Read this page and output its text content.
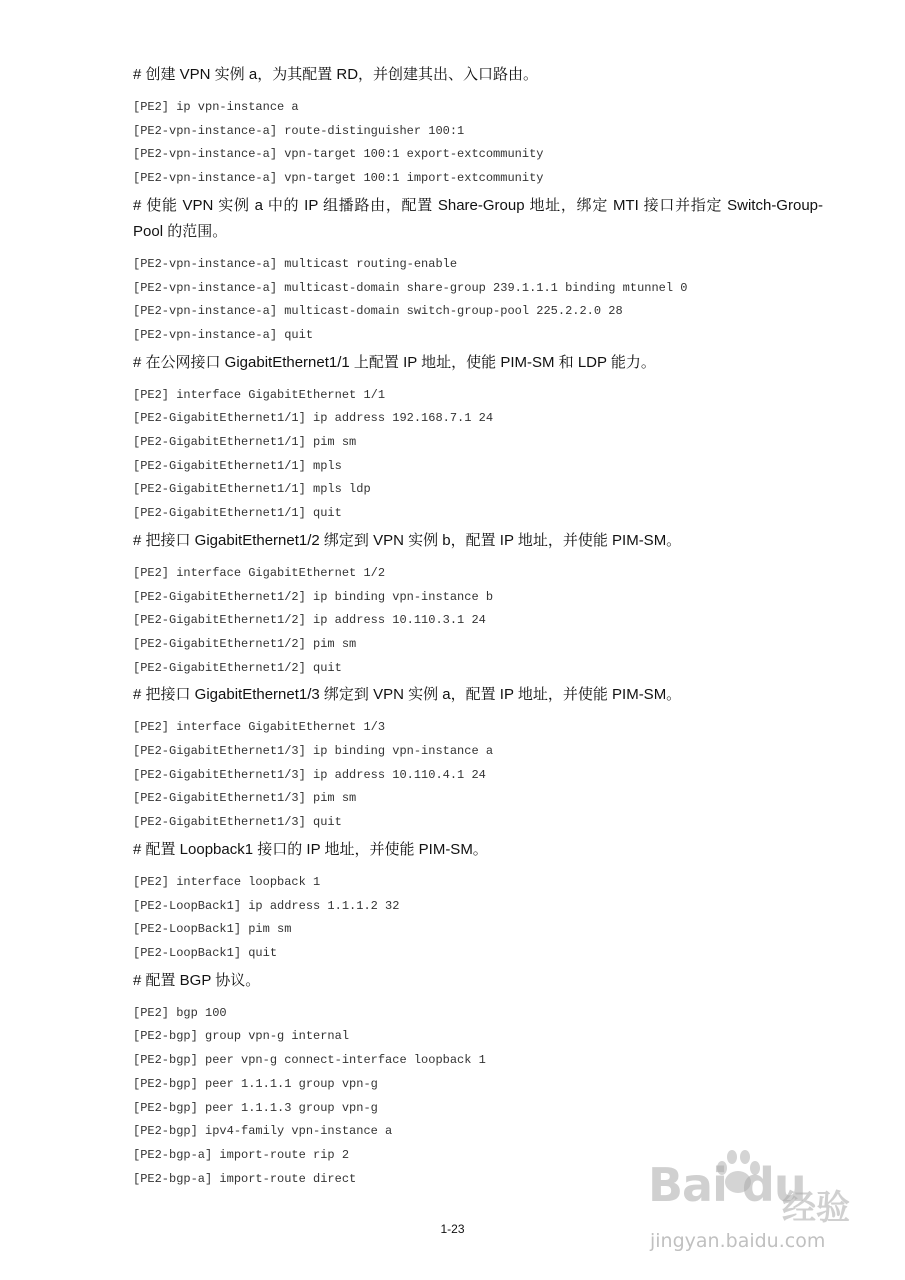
# 创建 VPN 实例 a，为其配置 RD，并创建其出、入口路由。

[PE2] ip vpn-instance a
[PE2-vpn-instance-a] route-distinguisher 100:1
[PE2-vpn-instance-a] vpn-target 100:1 export-extcommunity
[PE2-vpn-instance-a] vpn-target 100:1 import-extcommunity

# 使能 VPN 实例 a 中的 IP 组播路由，配置 Share-Group 地址，绑定 MTI 接口并指定 Switch-Group-Pool 的范围。

[PE2-vpn-instance-a] multicast routing-enable
[PE2-vpn-instance-a] multicast-domain share-group 239.1.1.1 binding mtunnel 0
[PE2-vpn-instance-a] multicast-domain switch-group-pool 225.2.2.0 28
[PE2-vpn-instance-a] quit

# 在公网接口 GigabitEthernet1/1 上配置 IP 地址，使能 PIM-SM 和 LDP 能力。

[PE2] interface GigabitEthernet 1/1
[PE2-GigabitEthernet1/1] ip address 192.168.7.1 24
[PE2-GigabitEthernet1/1] pim sm
[PE2-GigabitEthernet1/1] mpls
[PE2-GigabitEthernet1/1] mpls ldp
[PE2-GigabitEthernet1/1] quit

# 把接口 GigabitEthernet1/2 绑定到 VPN 实例 b，配置 IP 地址，并使能 PIM-SM。

[PE2] interface GigabitEthernet 1/2
[PE2-GigabitEthernet1/2] ip binding vpn-instance b
[PE2-GigabitEthernet1/2] ip address 10.110.3.1 24
[PE2-GigabitEthernet1/2] pim sm
[PE2-GigabitEthernet1/2] quit

# 把接口 GigabitEthernet1/3 绑定到 VPN 实例 a，配置 IP 地址，并使能 PIM-SM。

[PE2] interface GigabitEthernet 1/3
[PE2-GigabitEthernet1/3] ip binding vpn-instance a
[PE2-GigabitEthernet1/3] ip address 10.110.4.1 24
[PE2-GigabitEthernet1/3] pim sm
[PE2-GigabitEthernet1/3] quit

# 配置 Loopback1 接口的 IP 地址，并使能 PIM-SM。

[PE2] interface loopback 1
[PE2-LoopBack1] ip address 1.1.1.2 32
[PE2-LoopBack1] pim sm
[PE2-LoopBack1] quit

# 配置 BGP 协议。

[PE2] bgp 100
[PE2-bgp] group vpn-g internal
[PE2-bgp] peer vpn-g connect-interface loopback 1
[PE2-bgp] peer 1.1.1.1 group vpn-g
[PE2-bgp] peer 1.1.1.3 group vpn-g
[PE2-bgp] ipv4-family vpn-instance a
[PE2-bgp-a] import-route rip 2
[PE2-bgp-a] import-route direct
1-23
Bai du
经验
jingyan.baidu.com
